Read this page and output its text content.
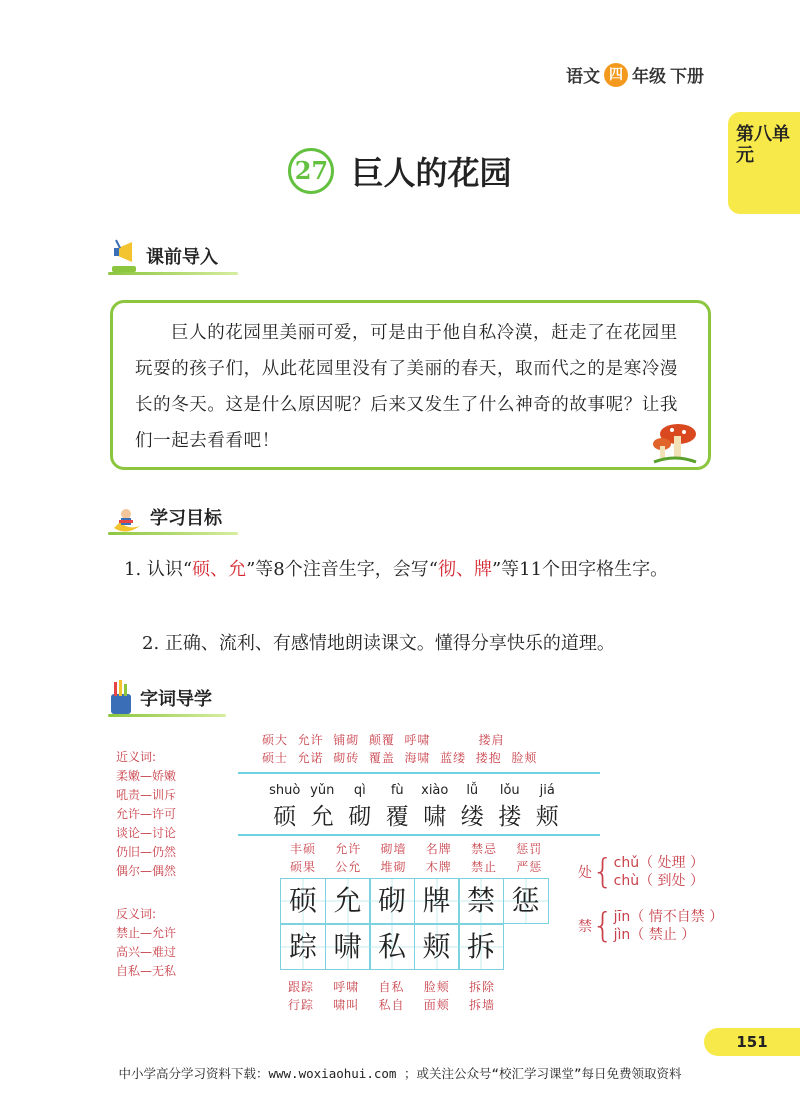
语文 四 年级 下册
第八单元
27 巨人的花园
课前导入

巨人的花园里美丽可爱，可是由于他自私冷漠，赶走了在花园里玩耍的孩子们，从此花园里没有了美丽的春天，取而代之的是寒冷漫长的冬天。这是什么原因呢？后来又发生了什么神奇的故事呢？让我们一起去看看吧！

学习目标
1. 认识“硕、允”等8个注音生字，会写“彻、牌”等11个田字格生字。
2. 正确、流利、有感情地朗读课文。懂得分享快乐的道理。
字词导学
近义词:
柔嫩—娇嫩
吼责—训斥
允许—许可
谈论—讨论
仍旧—仍然
偶尔—偶然
反义词:
禁止—允许
高兴—难过
自私—无私
硕大  允许  铺砌  颠覆  呼啸          搂肩
硕士  允诺  砌砖  覆盖  海啸  蓝缕  搂抱  脸颊
shuò yǔn	qì	fù	xiào	lǚ	lǒu	jiá
硕 允 砌 覆 啸 缕 搂 颊
丰硕    允许    砌墙    名牌    禁忌    惩罚
硕果    公允    堆砌    木牌    禁止    严惩
硕 允 砌 牌 禁 惩
踪 啸 私 颊 拆
跟踪    呼啸    自私    脸颊    拆除
行踪    啸叫    私自    面颊    拆墙
处 { chǔ（ 处理 ）
chù（ 到处 ）
禁 { jīn（ 情不自禁 ）
jìn（ 禁止 ）
151
中小学高分学习资料下载：www.woxiaohui.com ；或关注公众号“校汇学习课堂”每日免费领取资料
